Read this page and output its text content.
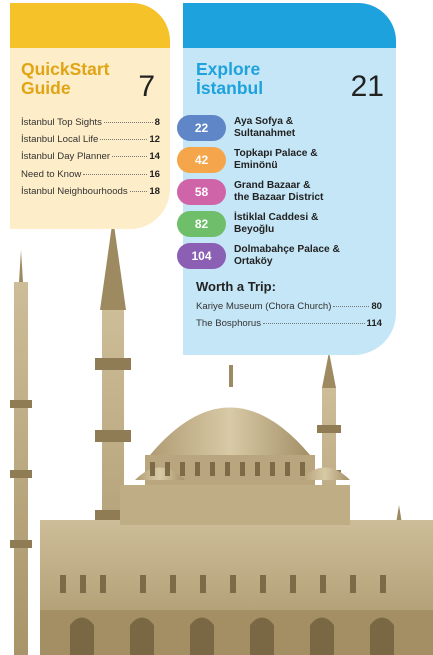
QuickStart
Guide	7
İstanbul Top Sights	8
İstanbul Local Life	12
İstanbul Day Planner	14
Need to Know	16
İstanbul Neighbourhoods 18
Explore
İstanbul	21
22	Aya Sofya &
Sultanahmet
42	Topkapı Palace &
Eminönü
58	Grand Bazaar &
the Bazaar District
82	İstiklal Caddesi &
Beyoğlu
104	Dolmabahçe Palace &
Ortaköy
Worth a Trip:
Kariye Museum (Chora Church)	80
The Bosphorus	114
